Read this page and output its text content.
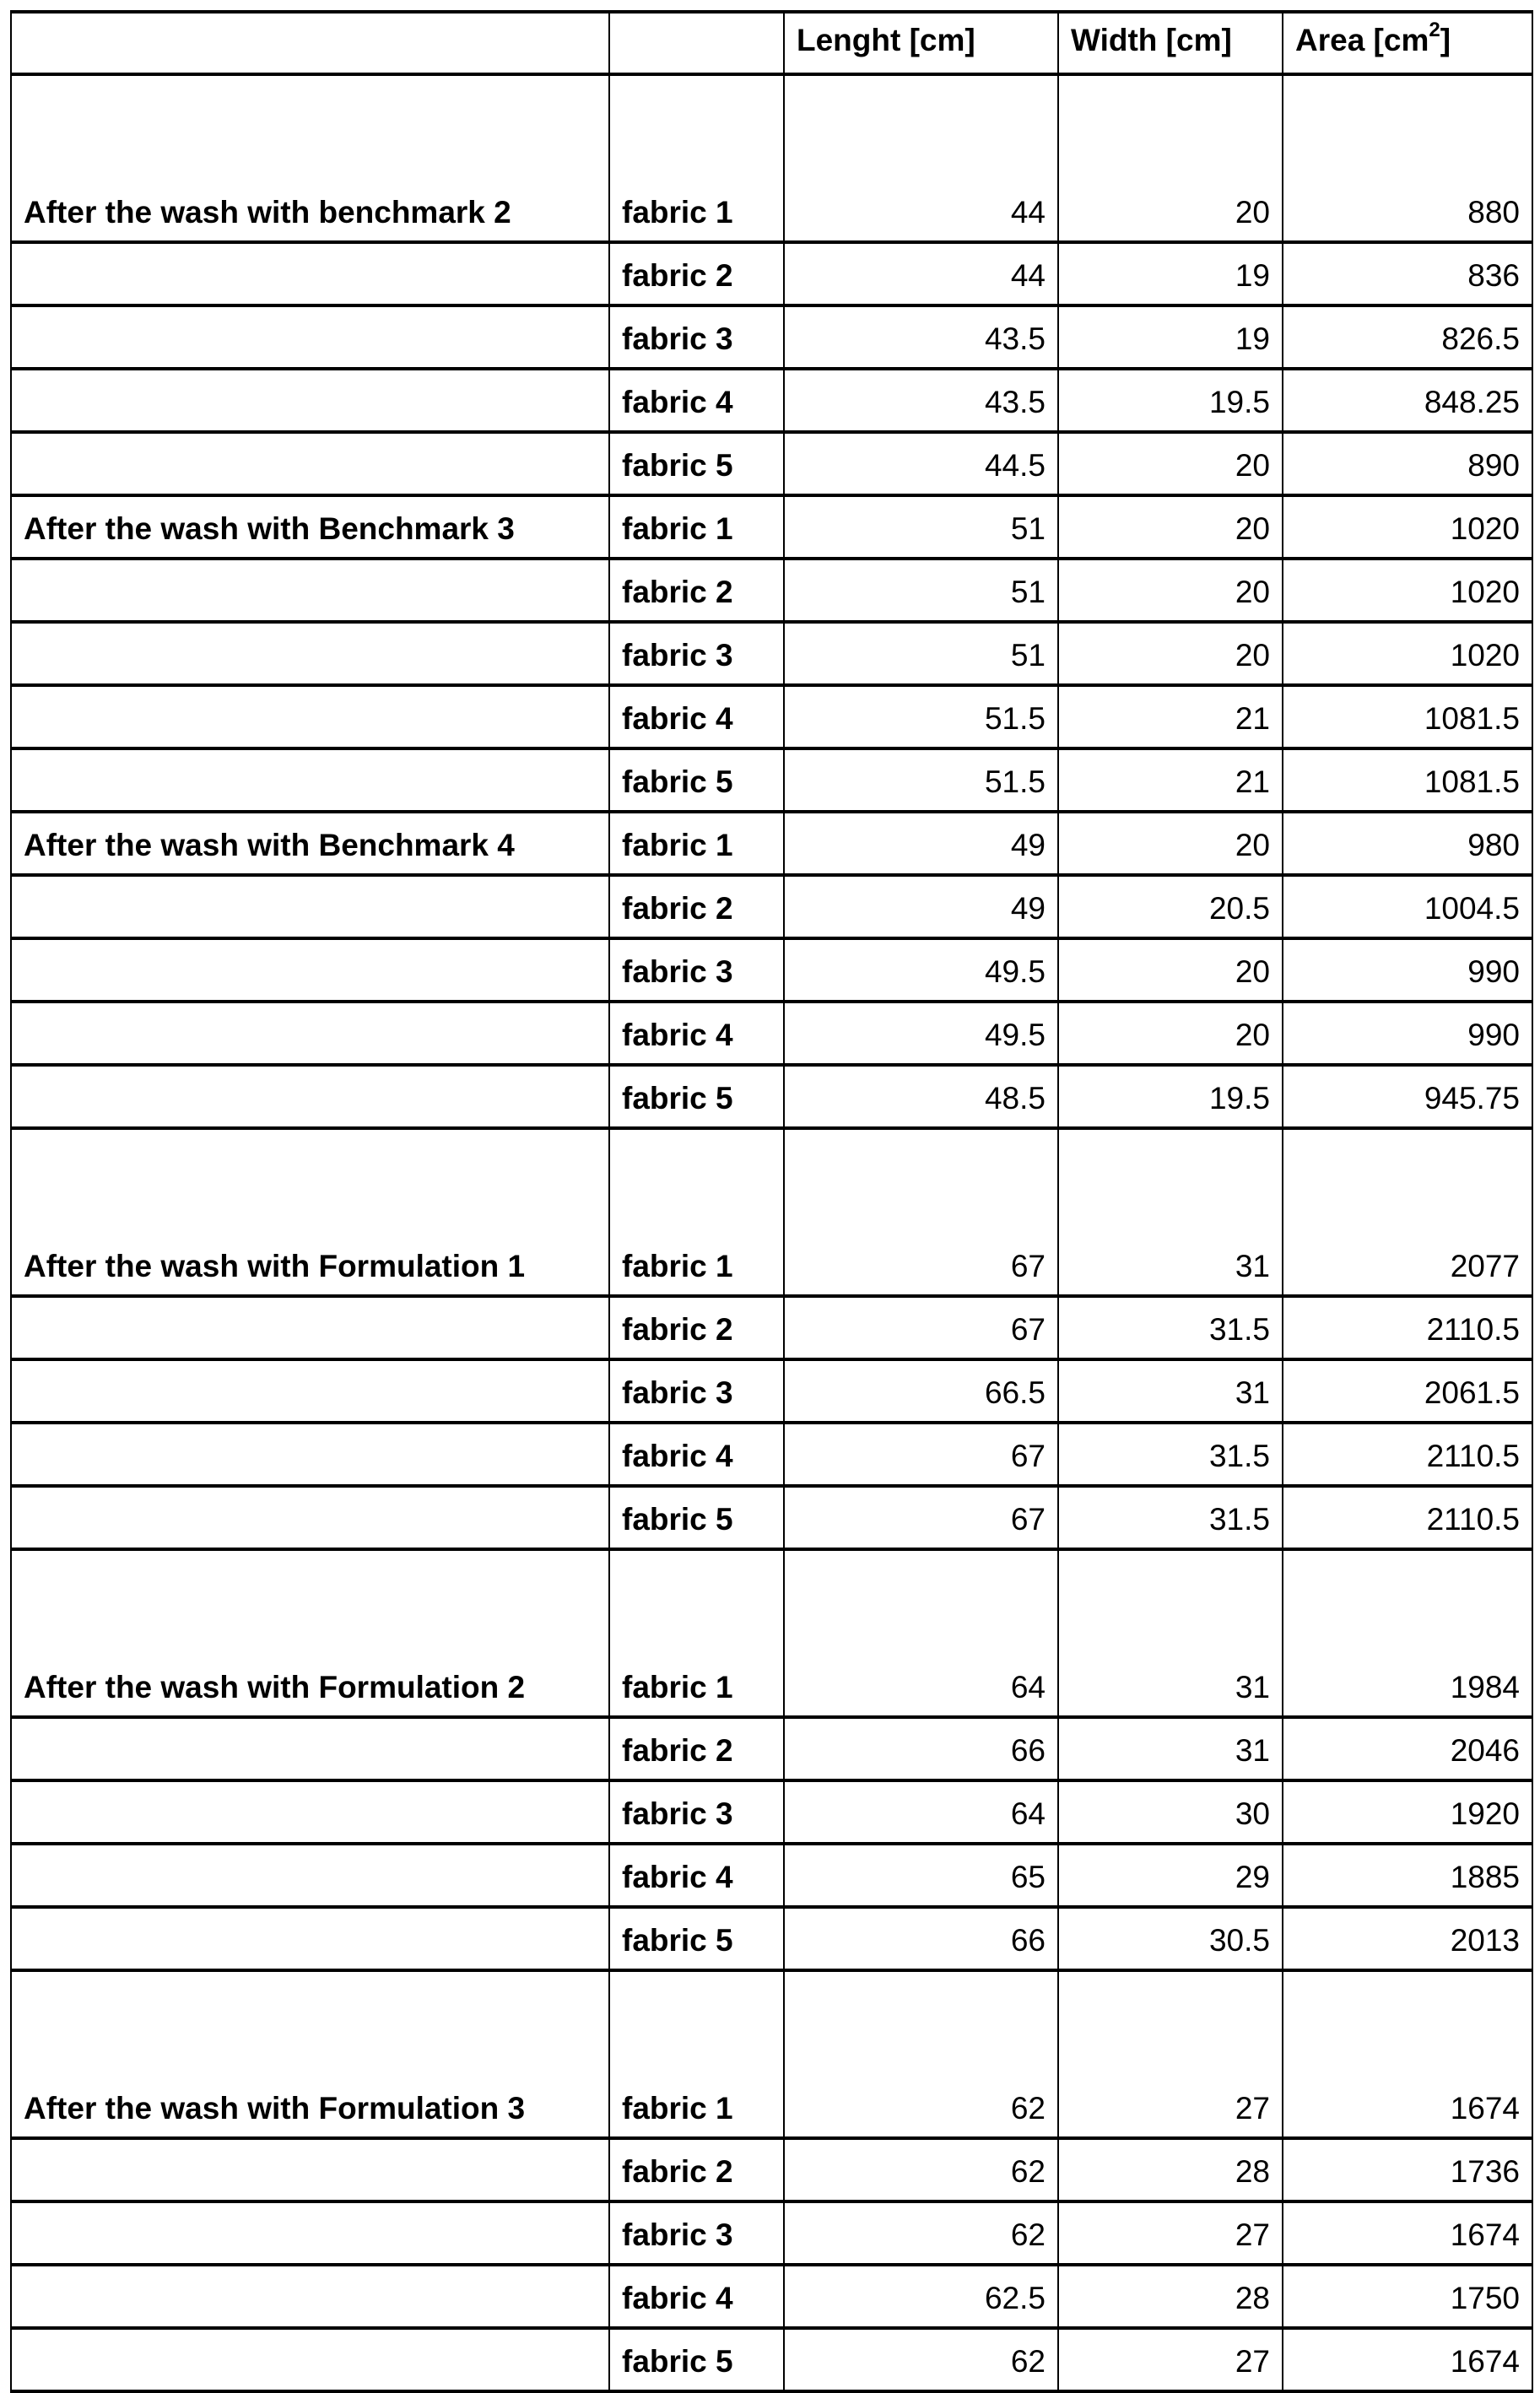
		Lenght [cm]	Width [cm]	Area $[cm^2]$
After the wash with benchmark 2	fabric 1	44	20	880
	fabric 2	44	19	836
	fabric 3	43.5	19	826.5
	fabric 4	43.5	19.5	848.25
	fabric 5	44.5	20	890
After the wash with Benchmark 3	fabric 1	51	20	1020
	fabric 2	51	20	1020
	fabric 3	51	20	1020
	fabric 4	51.5	21	1081.5
	fabric 5	51.5	21	1081.5
After the wash with Benchmark 4	fabric 1	49	20	980
	fabric 2	49	20.5	1004.5
	fabric 3	49.5	20	990
	fabric 4	49.5	20	990
	fabric 5	48.5	19.5	945.75
After the wash with Formulation 1	fabric 1	67	31	2077
	fabric 2	67	31.5	2110.5
	fabric 3	66.5	31	2061.5
	fabric 4	67	31.5	2110.5
	fabric 5	67	31.5	2110.5
After the wash with Formulation 2	fabric 1	64	31	1984
	fabric 2	66	31	2046
	fabric 3	64	30	1920
	fabric 4	65	29	1885
	fabric 5	66	30.5	2013
After the wash with Formulation 3	fabric 1	62	27	1674
	fabric 2	62	28	1736
	fabric 3	62	27	1674
	fabric 4	62.5	28	1750
	fabric 5	62	27	1674
